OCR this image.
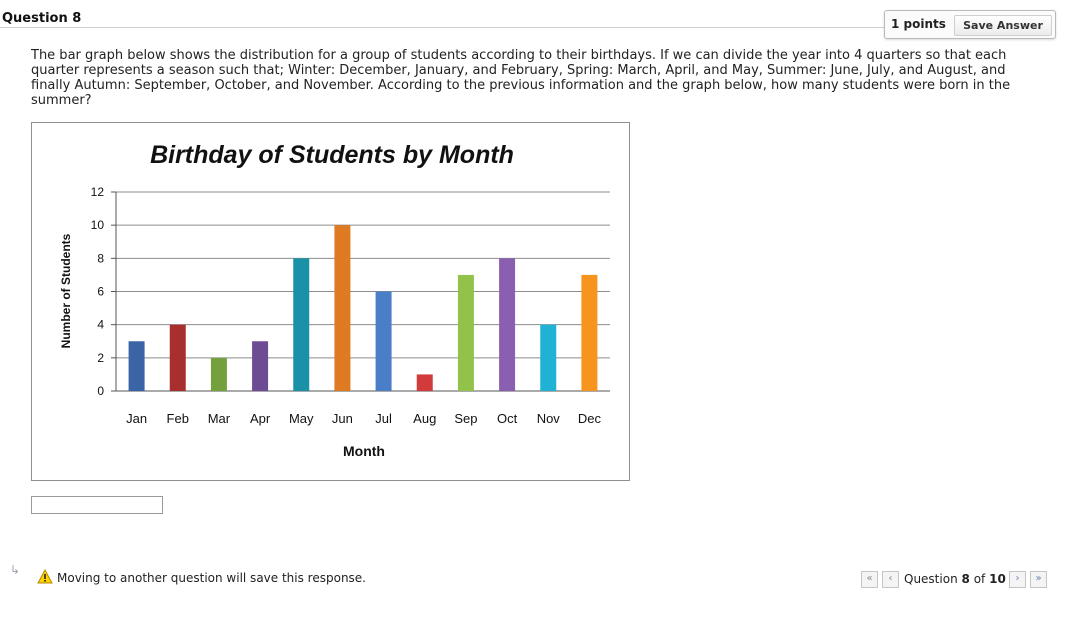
Question 8	1 points	Save Answer
The bar graph below shows the distribution for a group of students according to their birthdays. If we can divide the year into 4 quarters so that each quarter represents a season such that; Winter: December, January, and February, Spring: March, April, and May, Summer: June, July, and August, and finally Autumn: September, October, and November. According to the previous information and the graph below, how many students were born in the summer?
Birthday of Students by Month
Number of Students
Month
0
2
4
6
8
10
12
Jan Feb Mar Apr May Jun Jul Aug Sep Oct Nov Dec
↳
Moving to another question will save this response.	«	‹ Question 8 of 10 ›	»
